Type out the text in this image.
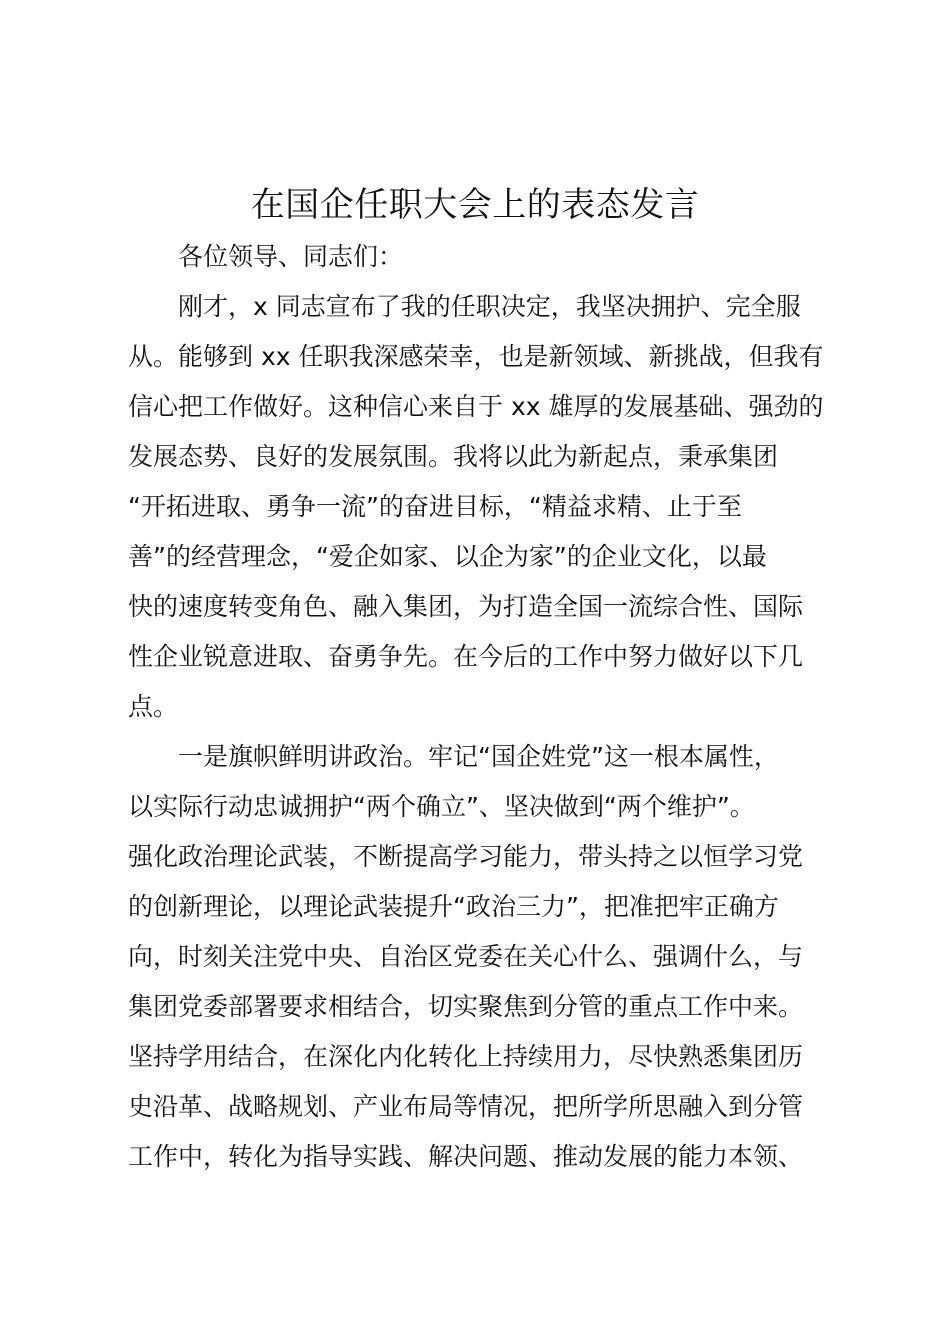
在国企任职大会上的表态发言
各位领导、同志们：
刚才，x 同志宣布了我的任职决定，我坚决拥护、完全服
从。能够到 xx 任职我深感荣幸，也是新领域、新挑战，但我有
信心把工作做好。这种信心来自于 xx 雄厚的发展基础、强劲的
发展态势、良好的发展氛围。我将以此为新起点，秉承集团
“开拓进取、勇争一流”的奋进目标，“精益求精、止于至
善”的经营理念，“爱企如家、以企为家”的企业文化，以最
快的速度转变角色、融入集团，为打造全国一流综合性、国际
性企业锐意进取、奋勇争先。在今后的工作中努力做好以下几
点。
一是旗帜鲜明讲政治。牢记“国企姓党”这一根本属性，
以实际行动忠诚拥护“两个确立”、坚决做到“两个维护”。
强化政治理论武装，不断提高学习能力，带头持之以恒学习党
的创新理论，以理论武装提升“政治三力”，把准把牢正确方
向，时刻关注党中央、自治区党委在关心什么、强调什么，与
集团党委部署要求相结合，切实聚焦到分管的重点工作中来。
坚持学用结合，在深化内化转化上持续用力，尽快熟悉集团历
史沿革、战略规划、产业布局等情况，把所学所思融入到分管
工作中，转化为指导实践、解决问题、推动发展的能力本领、
